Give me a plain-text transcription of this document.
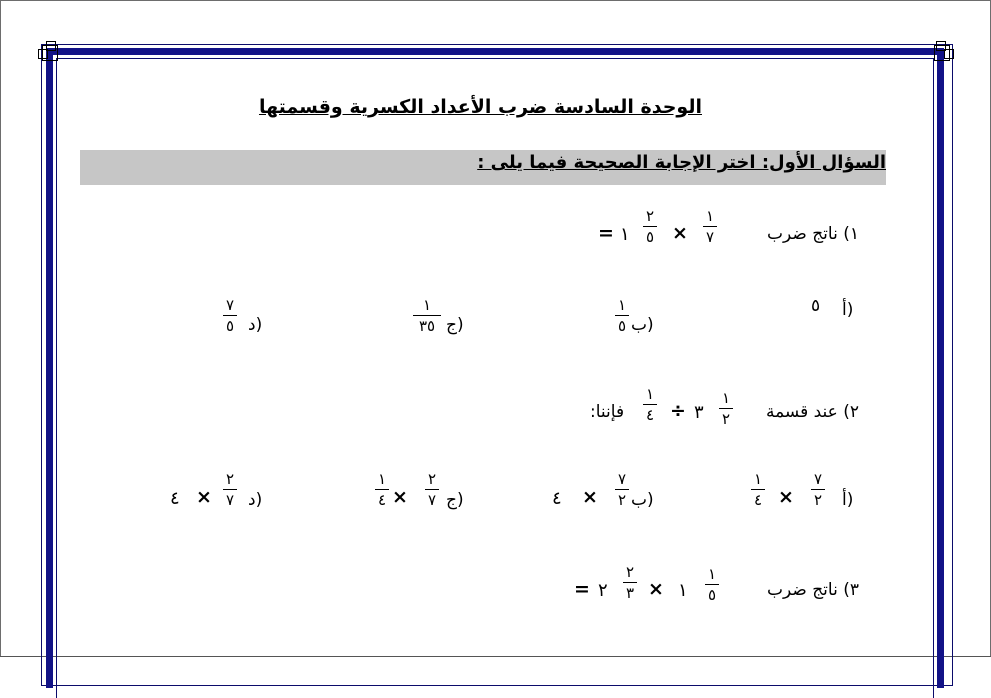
الوحدة السادسة ضرب الأعداد الكسرية وقسمتها
السؤال الأول: اختر الإجابة الصحيحة فيما يلى :
١) ناتج ضرب
١
٧
×
٢
٥
١
=
أ)
٥
ب)
١
٥
ج)
١
٣٥
د)
٧
٥
٢) عند قسمة
١
٢
٣
÷
١
٤
فإننا:
أ)
٧
٢
×
١
٤
ب)
٧
٢
×
٤
ج)
٢
٧
×
١
٤
د)
٢
٧
×
٤
٣) ناتج ضرب
١
٥
١
×
٢
٣
٢
=
